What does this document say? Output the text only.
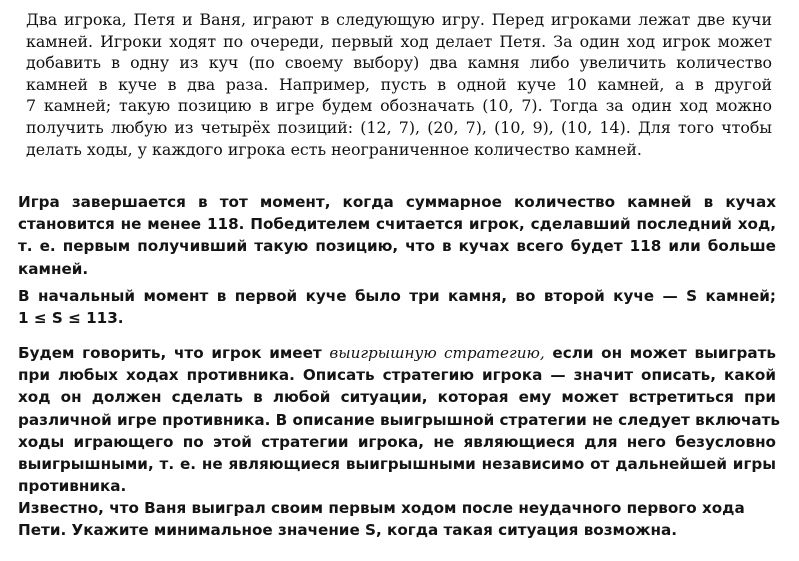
Два игрока, Петя и Ваня, играют в следующую игру. Перед игроками лежат две кучи
камней. Игроки ходят по очереди, первый ход делает Петя. За один ход игрок может
добавить в одну из куч (по своему выбору) два камня либо увеличить количество
камней в куче в два раза. Например, пусть в одной куче 10 камней, а в другой
7 камней; такую позицию в игре будем обозначать (10, 7). Тогда за один ход можно
получить любую из четырёх позиций: (12, 7), (20, 7), (10, 9), (10, 14). Для того чтобы
делать ходы, у каждого игрока есть неограниченное количество камней.

Игра завершается в тот момент, когда суммарное количество камней в кучах
становится не менее 118. Победителем считается игрок, сделавший последний ход,
т. е. первым получивший такую позицию, что в кучах всего будет 118 или больше
камней.

В начальный момент в первой куче было три камня, во второй куче — S камней;
1 ≤ S ≤ 113.

Будем говорить, что игрок имеет выигрышную стратегию, если он может выиграть
при любых ходах противника. Описать стратегию игрока — значит описать, какой
ход он должен сделать в любой ситуации, которая ему может встретиться при
различной игре противника. В описание выигрышной стратегии не следует включать
ходы играющего по этой стратегии игрока, не являющиеся для него безусловно
выигрышными, т. е. не являющиеся выигрышными независимо от дальнейшей игры
противника.

Известно, что Ваня выиграл своим первым ходом после неудачного первого хода
Пети. Укажите минимальное значение S, когда такая ситуация возможна.
